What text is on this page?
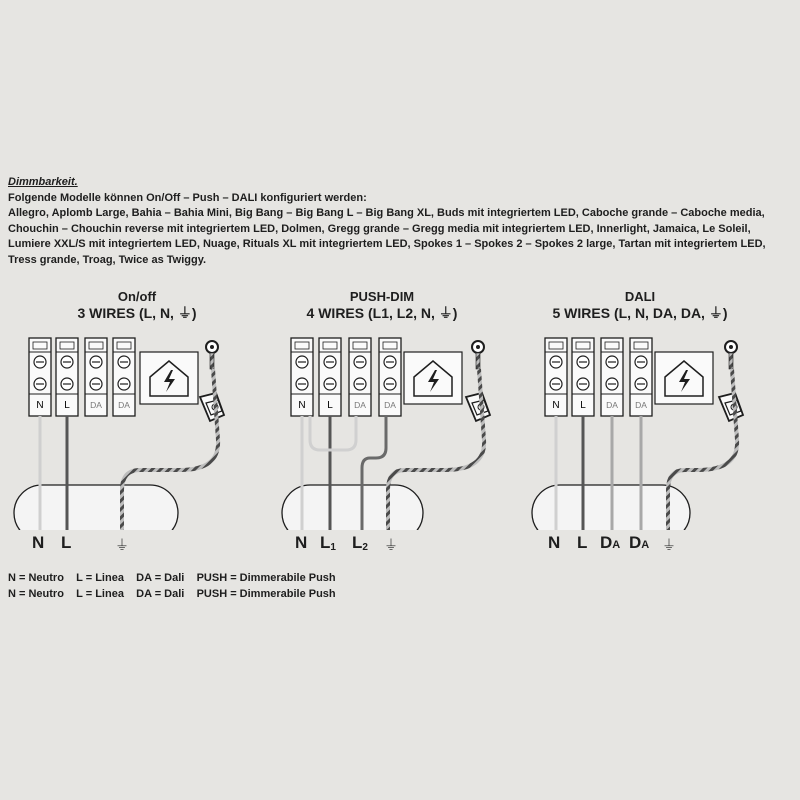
Dimmbarkeit.

Folgende Modelle können On/Off – Push – DALI konfiguriert werden:

Allegro, Aplomb Large, Bahia – Bahia Mini, Big Bang – Big Bang L – Big Bang XL, Buds mit integriertem LED, Caboche grande – Caboche media, Chouchin – Chouchin reverse mit integriertem LED, Dolmen, Gregg grande – Gregg media mit integriertem LED, Innerlight, Jamaica, Le Soleil, Lumiere XXL/S mit integriertem LED, Nuage, Rituals XL mit integriertem LED, Spokes 1 – Spokes 2 – Spokes 2 large, Tartan mit integriertem LED, Tress grande, Troag, Twice as Twiggy.

On/off
3 WIRES (L, N, ⏚)
PUSH-DIM
4 WIRES (L1, L2, N, ⏚)
DALI
5 WIRES (L, N, DA, DA, ⏚)
N L DA DA	N L	DA DA	N L DA DA
N L	⏚	N $L_1$ $L_2$ ⏚	N L DA DA ⏚
N = Neutro    L = Linea    DA = Dali    PUSH = Dimmerabile Push
N = Neutro    L = Linea    DA = Dali    PUSH = Dimmerabile Push
